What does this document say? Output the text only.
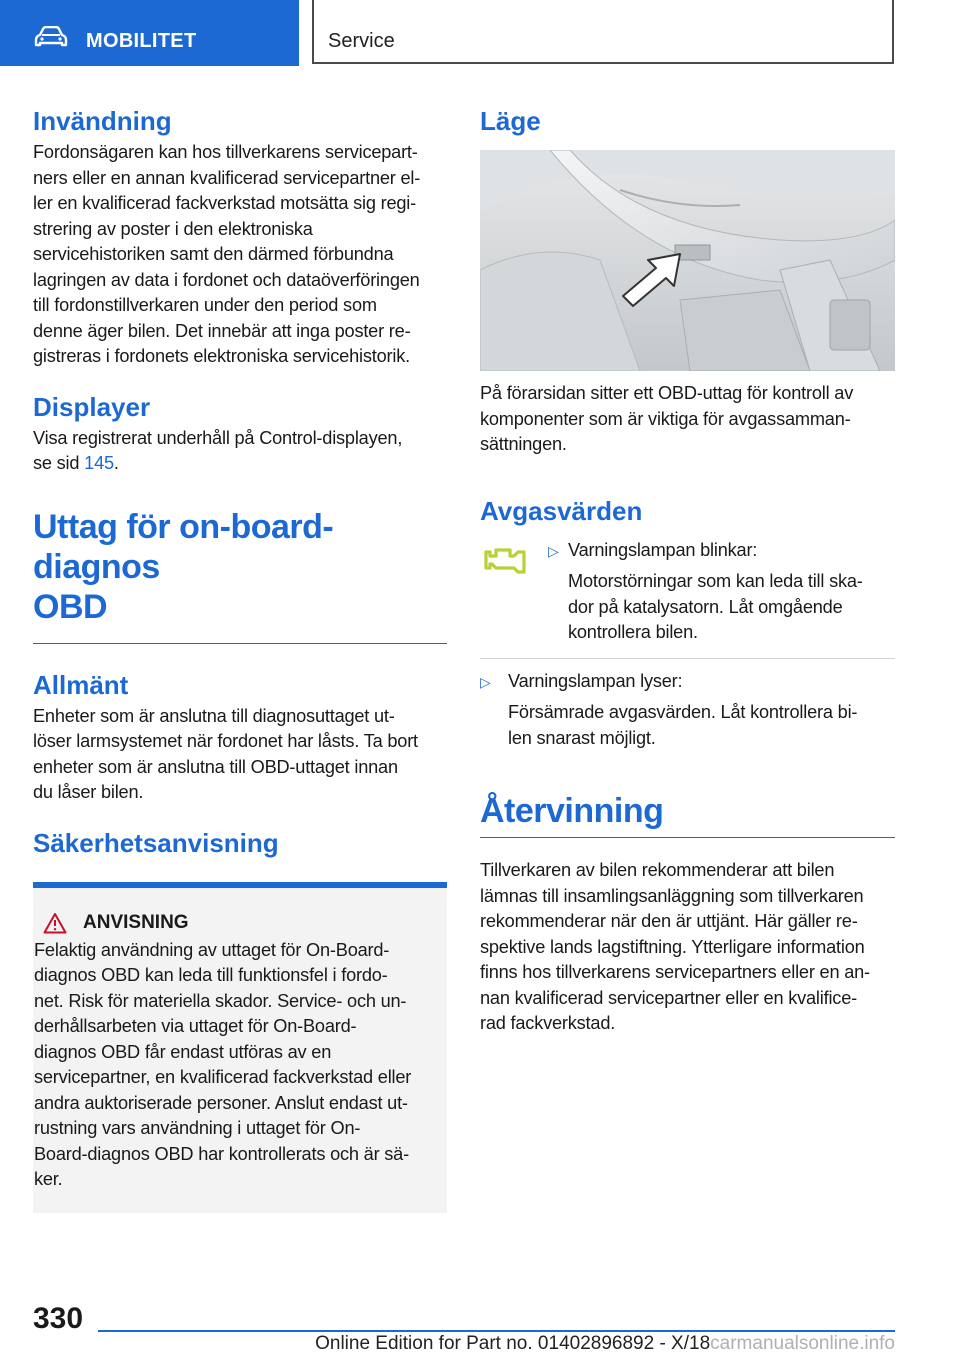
MOBILITET	Service
Invändning

Fordonsägaren kan hos tillverkarens servicepart-

ners eller en annan kvalificerad servicepartner el-

ler en kvalificerad fackverkstad motsätta sig regi-

strering av poster i den elektroniska

servicehistoriken samt den därmed förbundna

lagringen av data i fordonet och dataöverföringen

till fordonstillverkaren under den period som

denne äger bilen. Det innebär att inga poster re-

gistreras i fordonets elektroniska servicehistorik.

Displayer

Visa registrerat underhåll på Control-displayen,

se sid 145.

Uttag för on-board-diagnos
OBD
Allmänt

Enheter som är anslutna till diagnosuttaget ut-

löser larmsystemet när fordonet har låsts. Ta bort

enheter som är anslutna till OBD-uttaget innan

du låser bilen.

Säkerhetsanvisning
ANVISNING

Felaktig användning av uttaget för On-Board-

diagnos OBD kan leda till funktionsfel i fordo-

net. Risk för materiella skador. Service- och un-

derhållsarbeten via uttaget för On-Board-

diagnos OBD får endast utföras av en

servicepartner, en kvalificerad fackverkstad eller

andra auktoriserade personer. Anslut endast ut-

rustning vars användning i uttaget för On-

Board-diagnos OBD har kontrollerats och är sä-

ker.

Läge

På förarsidan sitter ett OBD-uttag för kontroll av

komponenter som är viktiga för avgassamman-

sättningen.

Avgasvärden
▷ Varningslampan blinkar:

Motorstörningar som kan leda till ska-

dor på katalysatorn. Låt omgående

kontrollera bilen.

▷ Varningslampan lyser:

Försämrade avgasvärden. Låt kontrollera bi-

len snarast möjligt.

Återvinning

Tillverkaren av bilen rekommenderar att bilen

lämnas till insamlingsanläggning som tillverkaren

rekommenderar när den är uttjänt. Här gäller re-

spektive lands lagstiftning. Ytterligare information

finns hos tillverkarens servicepartners eller en an-

nan kvalificerad servicepartner eller en kvalifice-

rad fackverkstad.

330
Online Edition for Part no. 01402896892 - X/18carmanualsonline.info
